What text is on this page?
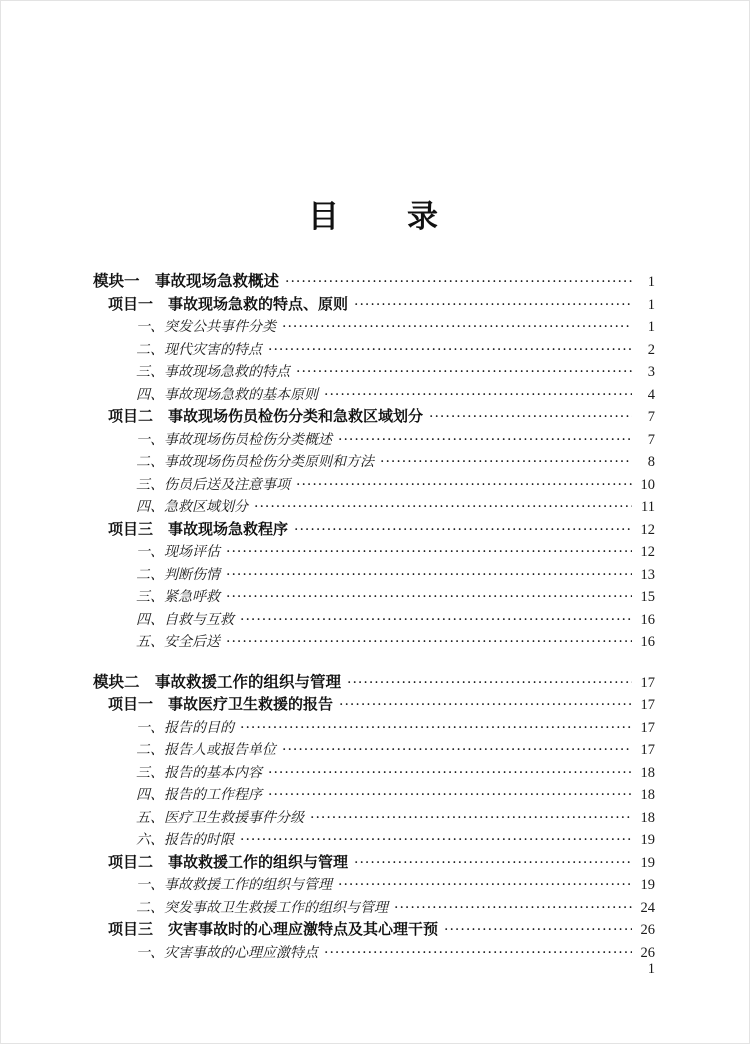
目　　录
模块一　事故现场急救概述 ·····	1
项目一　事故现场急救的特点、原则 ·····	1
一、突发公共事件分类 ·····	1
二、现代灾害的特点 ·····	2
三、事故现场急救的特点 ·····	3
四、事故现场急救的基本原则 ·····	4
项目二　事故现场伤员检伤分类和急救区域划分 ·····	7
一、事故现场伤员检伤分类概述 ·····	7
二、事故现场伤员检伤分类原则和方法 ·····	8
三、伤员后送及注意事项 ·····	10
四、急救区域划分 ·····	11
项目三　事故现场急救程序 ·····	12
一、现场评估 ·····	12
二、判断伤情 ·····	13
三、紧急呼救 ·····	15
四、自救与互救 ·····	16
五、安全后送 ·····	16
模块二　事故救援工作的组织与管理 ·····	17
项目一　事故医疗卫生救援的报告 ·····	17
一、报告的目的 ·····	17
二、报告人或报告单位 ·····	17
三、报告的基本内容 ·····	18
四、报告的工作程序 ·····	18
五、医疗卫生救援事件分级 ·····	18
六、报告的时限 ·····	19
项目二　事故救援工作的组织与管理 ·····	19
一、事故救援工作的组织与管理 ·····	19
二、突发事故卫生救援工作的组织与管理 ·····	24
项目三　灾害事故时的心理应激特点及其心理干预 ·····	26
一、灾害事故的心理应激特点 ·····	26
1
